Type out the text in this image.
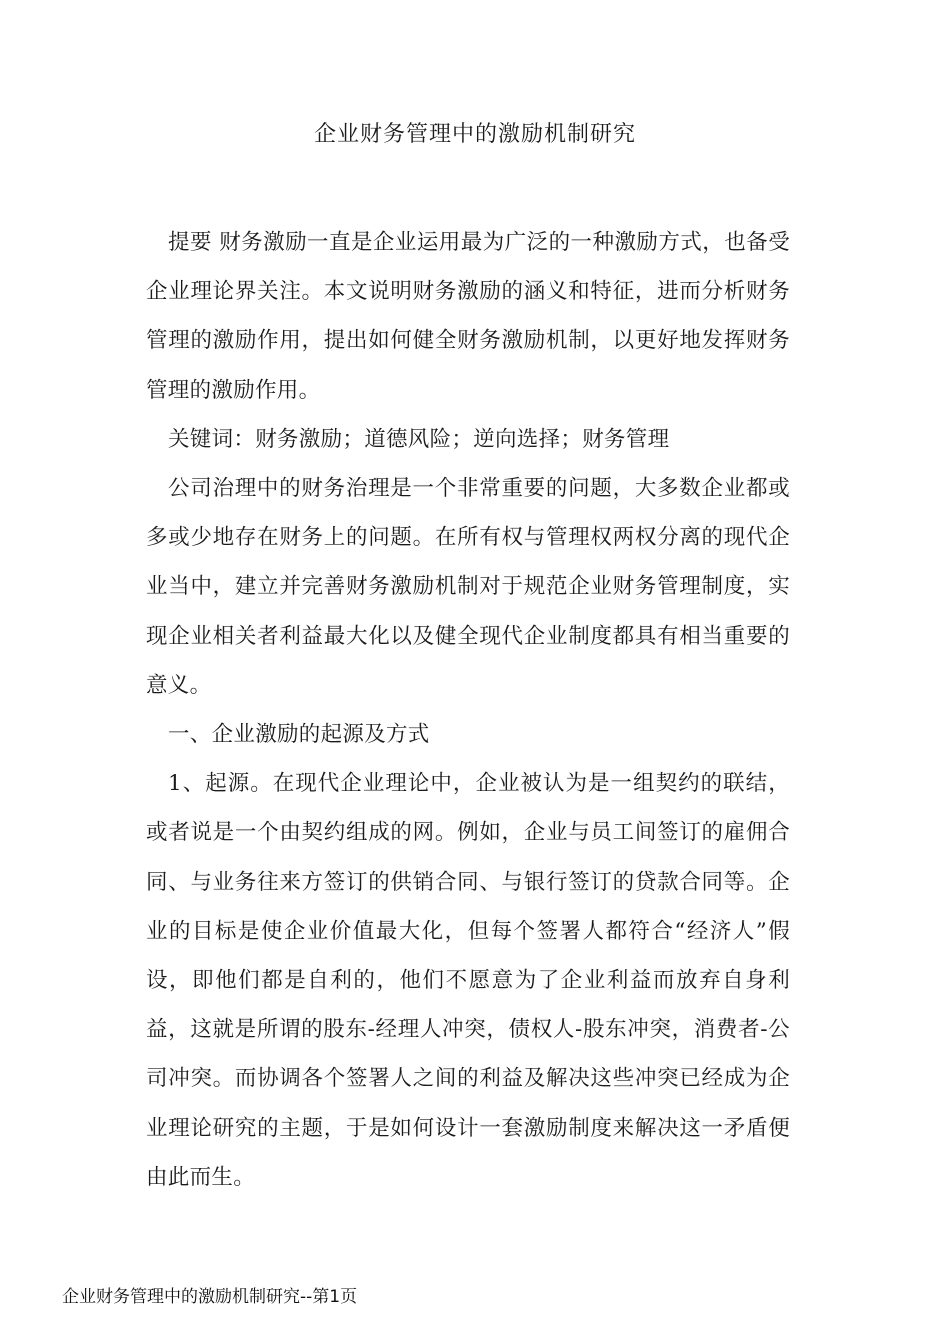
企业财务管理中的激励机制研究

提要 财务激励一直是企业运用最为广泛的一种激励方式，也备受企业理论界关注。本文说明财务激励的涵义和特征，进而分析财务管理的激励作用，提出如何健全财务激励机制，以更好地发挥财务管理的激励作用。

关键词：财务激励；道德风险；逆向选择；财务管理

公司治理中的财务治理是一个非常重要的问题，大多数企业都或多或少地存在财务上的问题。在所有权与管理权两权分离的现代企业当中，建立并完善财务激励机制对于规范企业财务管理制度，实现企业相关者利益最大化以及健全现代企业制度都具有相当重要的意义。

一、企业激励的起源及方式

1、起源。在现代企业理论中，企业被认为是一组契约的联结，或者说是一个由契约组成的网。例如，企业与员工间签订的雇佣合同、与业务往来方签订的供销合同、与银行签订的贷款合同等。企业的目标是使企业价值最大化，但每个签署人都符合“经济人”假设，即他们都是自利的，他们不愿意为了企业利益而放弃自身利益，这就是所谓的股东-经理人冲突，债权人-股东冲突，消费者-公司冲突。而协调各个签署人之间的利益及解决这些冲突已经成为企业理论研究的主题，于是如何设计一套激励制度来解决这一矛盾便由此而生。

企业财务管理中的激励机制研究--第1页
